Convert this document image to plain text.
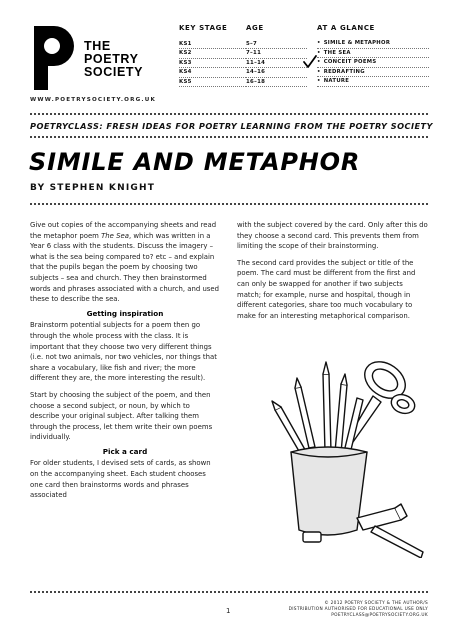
THE
POETRY
SOCIETY
WWW.POETRYSOCIETY.ORG.UK
KEY STAGE	AGE
KS1	5–7
KS2	7–11
KS3	11–14
KS4	14–16
KS5	16–18
AT A GLANCE
• SIMILE & METAPHOR
• THE SEA
• CONCEIT POEMS
• REDRAFTING
• NATURE
POETRYCLASS: FRESH IDEAS FOR POETRY LEARNING FROM THE POETRY SOCIETY
SIMILE AND METAPHOR
BY STEPHEN KNIGHT

Give out copies of the accompanying sheets and read the metaphor poem The Sea, which was written in a Year 6 class with the students. Discuss the imagery – what is the sea being compared to? etc – and explain that the pupils began the poem by choosing two subjects – sea and church. They then brainstormed words and phrases associated with a church, and used these to describe the sea.

Getting inspiration

Brainstorm potential subjects for a poem then go through the whole process with the class. It is important that they choose two very different things (i.e. not two animals, nor two vehicles, nor things that share a vocabulary, like fish and river; the more different they are, the more interesting the result).

Start by choosing the subject of the poem, and then choose a second subject, or noun, by which to describe your original subject. After talking them through the process, let them write their own poems individually.

Pick a card

For older students, I devised sets of cards, as shown on the accompanying sheet. Each student chooses one card then brainstorms words and phrases associated

with the subject covered by the card. Only after this do they choose a second card. This prevents them from limiting the scope of their brainstorming.

The second card provides the subject or title of the poem. The card must be different from the first and can only be swapped for another if two subjects match; for example, nurse and hospital, though in different categories, share too much vocabulary to make for an interesting metaphorical comparison.

1
© 2012 POETRY SOCIETY & THE AUTHOR/S
DISTRIBUTION AUTHORISED FOR EDUCATIONAL USE ONLY
POETRYCLASS@POETRYSOCIETY.ORG.UK
